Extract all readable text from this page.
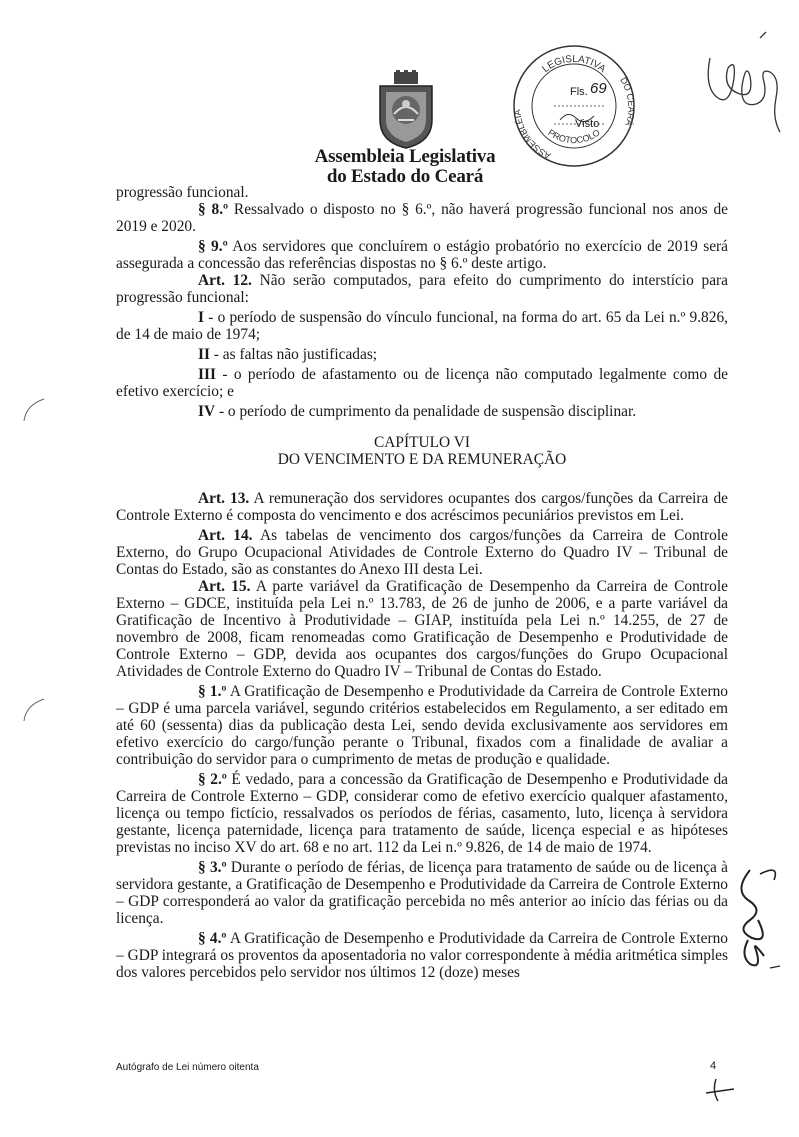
Assembleia Legislativa
do Estado do Ceará
LEGISLATIVA
ASSEMBLÉIA
DO CEARÁ
PROTOCOLO
Fls. 69
Visto

progressão funcional.

§ 8.º Ressalvado o disposto no § 6.º, não haverá progressão funcional nos anos de 2019 e 2020.

§ 9.º Aos servidores que concluírem o estágio probatório no exercício de 2019 será assegurada a concessão das referências dispostas no § 6.º deste artigo.

Art. 12. Não serão computados, para efeito do cumprimento do interstício para progressão funcional:

I - o período de suspensão do vínculo funcional, na forma do art. 65 da Lei n.º 9.826, de 14 de maio de 1974;

II - as faltas não justificadas;

III - o período de afastamento ou de licença não computado legalmente como de efetivo exercício; e

IV - o período de cumprimento da penalidade de suspensão disciplinar.

CAPÍTULO VI

DO VENCIMENTO E DA REMUNERAÇÃO

Art. 13. A remuneração dos servidores ocupantes dos cargos/funções da Carreira de Controle Externo é composta do vencimento e dos acréscimos pecuniários previstos em Lei.

Art. 14. As tabelas de vencimento dos cargos/funções da Carreira de Controle Externo, do Grupo Ocupacional Atividades de Controle Externo do Quadro IV – Tribunal de Contas do Estado, são as constantes do Anexo III desta Lei.

Art. 15. A parte variável da Gratificação de Desempenho da Carreira de Controle Externo – GDCE, instituída pela Lei n.º 13.783, de 26 de junho de 2006, e a parte variável da Gratificação de Incentivo à Produtividade – GIAP, instituída pela Lei n.º 14.255, de 27 de novembro de 2008, ficam renomeadas como Gratificação de Desempenho e Produtividade de Controle Externo – GDP, devida aos ocupantes dos cargos/funções do Grupo Ocupacional Atividades de Controle Externo do Quadro IV – Tribunal de Contas do Estado.

§ 1.º A Gratificação de Desempenho e Produtividade da Carreira de Controle Externo – GDP é uma parcela variável, segundo critérios estabelecidos em Regulamento, a ser editado em até 60 (sessenta) dias da publicação desta Lei, sendo devida exclusivamente aos servidores em efetivo exercício do cargo/função perante o Tribunal, fixados com a finalidade de avaliar a contribuição do servidor para o cumprimento de metas de produção e qualidade.

§ 2.º É vedado, para a concessão da Gratificação de Desempenho e Produtividade da Carreira de Controle Externo – GDP, considerar como de efetivo exercício qualquer afastamento, licença ou tempo fictício, ressalvados os períodos de férias, casamento, luto, licença à servidora gestante, licença paternidade, licença para tratamento de saúde, licença especial e as hipóteses previstas no inciso XV do art. 68 e no art. 112 da Lei n.º 9.826, de 14 de maio de 1974.

§ 3.º Durante o período de férias, de licença para tratamento de saúde ou de licença à servidora gestante, a Gratificação de Desempenho e Produtividade da Carreira de Controle Externo – GDP corresponderá ao valor da gratificação percebida no mês anterior ao início das férias ou da licença.

§ 4.º A Gratificação de Desempenho e Produtividade da Carreira de Controle Externo – GDP integrará os proventos da aposentadoria no valor correspondente à média aritmética simples dos valores percebidos pelo servidor nos últimos 12 (doze) meses

Autógrafo de Lei número oitenta	4
